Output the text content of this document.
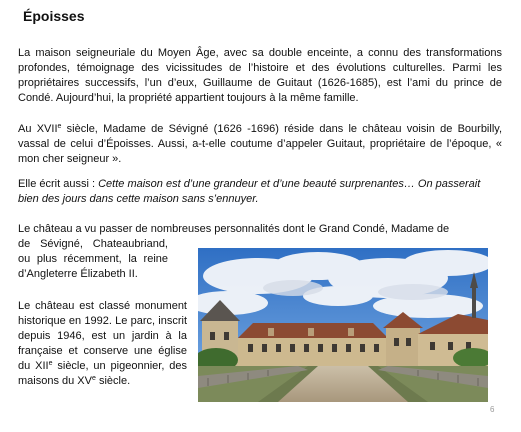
Époisses

La maison seigneuriale du Moyen Âge, avec sa double enceinte, a connu des transformations profondes, témoignage des vicissitudes de l’histoire et des évolutions culturelles. Parmi les propriétaires successifs, l’un d’eux, Guillaume de Guitaut (1626-1685), est l’ami du prince de Condé. Aujourd’hui, la propriété appartient toujours à la même famille.

Au XVIIe siècle, Madame de Sévigné (1626 -1696) réside dans le château voisin de Bourbilly, vassal de celui d’Époisses. Aussi, a-t-elle coutume d’appeler Guitaut, propriétaire de l’époque, « mon cher seigneur ».

Elle écrit aussi : Cette maison est d’une grandeur et d’une beauté surprenantes… On passerait bien des jours dans cette maison sans s’ennuyer.

Le château a vu passer de nombreuses personnalités dont le Grand Condé, Madame de

de Sévigné, Chateaubriand, ou plus récemment, la reine d’Angleterre Élizabeth II.

Le château est classé monument historique en 1992. Le parc, inscrit depuis 1946, est un jardin à la française et conserve une église du XIIe siècle, un pigeonnier, des maisons du XVe siècle.

6
